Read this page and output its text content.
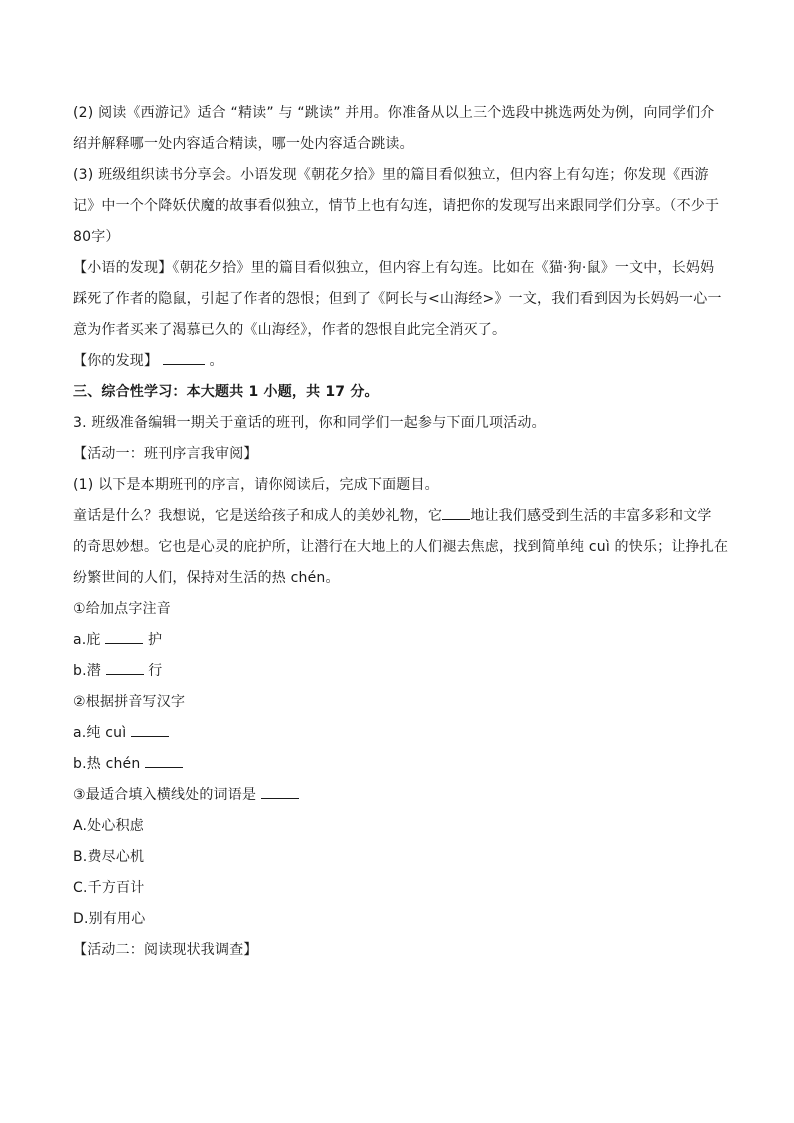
(2) 阅读《西游记》适合 “精读” 与 “跳读” 并用。你准备从以上三个选段中挑选两处为例，向同学们介
绍并解释哪一处内容适合精读，哪一处内容适合跳读。
(3) 班级组织读书分享会。小语发现《朝花夕拾》里的篇目看似独立，但内容上有勾连；你发现《西游
记》中一个个降妖伏魔的故事看似独立，情节上也有勾连，请把你的发现写出来跟同学们分享。（不少于
80字）
【小语的发现】《朝花夕拾》里的篇目看似独立，但内容上有勾连。比如在《猫·狗·鼠》一文中，长妈妈
踩死了作者的隐鼠，引起了作者的怨恨；但到了《阿长与<山海经>》一文，我们看到因为长妈妈一心一
意为作者买来了渴慕已久的《山海经》，作者的怨恨自此完全消灭了。
【你的发现】	。
三、综合性学习：本大题共 1 小题，共 17 分。
3. 班级准备编辑一期关于童话的班刊，你和同学们一起参与下面几项活动。
【活动一：班刊序言我审阅】
(1) 以下是本期班刊的序言，请你阅读后，完成下面题目。
童话是什么？我想说，它是送给孩子和成人的美妙礼物，它 地让我们感受到生活的丰富多彩和文学
的奇思妙想。它也是心灵的庇护所，让潜行在大地上的人们褪去焦虑，找到简单纯 cuì 的快乐；让挣扎在
纷繁世间的人们，保持对生活的热 chén。
①给加点字注音
a.庇	护
b.潜	行
②根据拼音写汉字
a.纯 cuì
b.热 chén
③最适合填入横线处的词语是
A.处心积虑
B.费尽心机
C.千方百计
D.别有用心
【活动二：阅读现状我调查】
